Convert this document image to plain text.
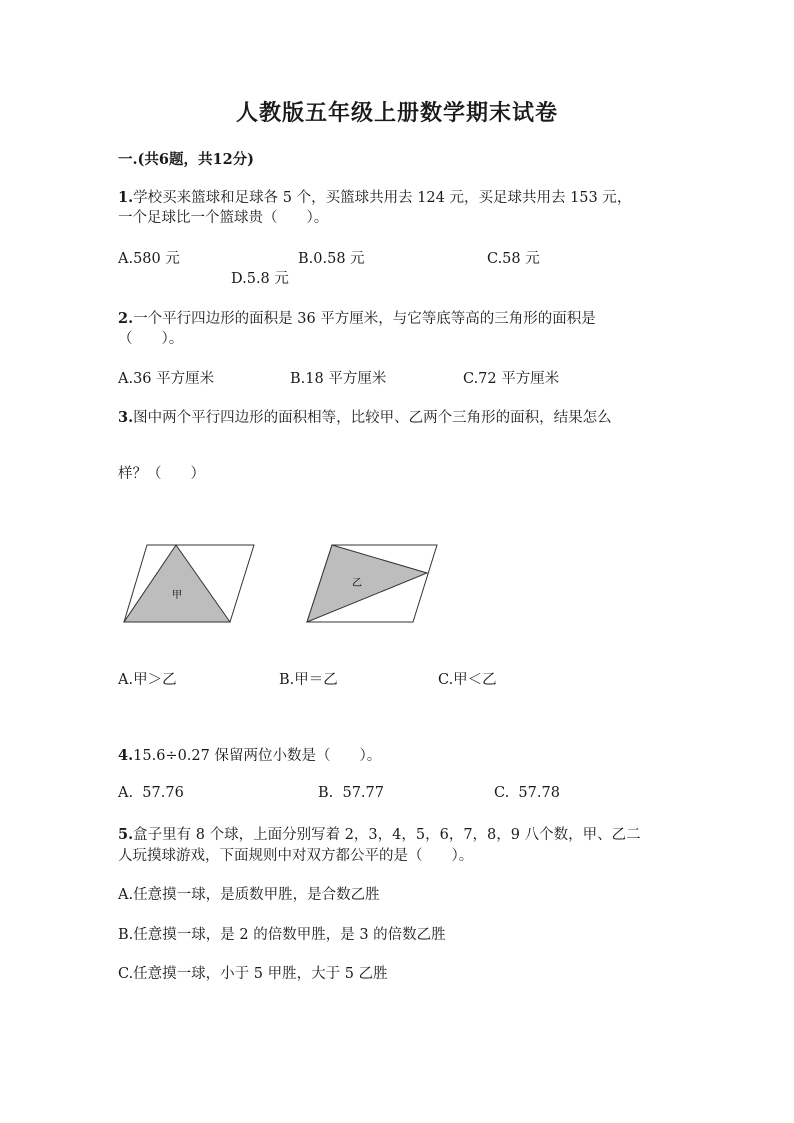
人教版五年级上册数学期末试卷
一.(共6题，共12分)
1.学校买来篮球和足球各 5 个，买篮球共用去 124 元，买足球共用去 153 元，
一个足球比一个篮球贵（　　）。
A.580 元	B.0.58 元	C.58 元
D.5.8 元
2.一个平行四边形的面积是 36 平方厘米，与它等底等高的三角形的面积是
（　　）。
A.36 平方厘米	B.18 平方厘米	C.72 平方厘米
3.图中两个平行四边形的面积相等，比较甲、乙两个三角形的面积，结果怎么
样？（　　）
甲
乙
A.甲＞乙	B.甲＝乙	C.甲＜乙
4.15.6÷0.27 保留两位小数是（　　）。
A.  57.76	B.  57.77	C.  57.78
5.盒子里有 8 个球，上面分别写着 2，3，4，5，6，7，8，9 八个数，甲、乙二
人玩摸球游戏，下面规则中对双方都公平的是（　　）。
A.任意摸一球，是质数甲胜，是合数乙胜
B.任意摸一球，是 2 的倍数甲胜，是 3 的倍数乙胜
C.任意摸一球，小于 5 甲胜，大于 5 乙胜
